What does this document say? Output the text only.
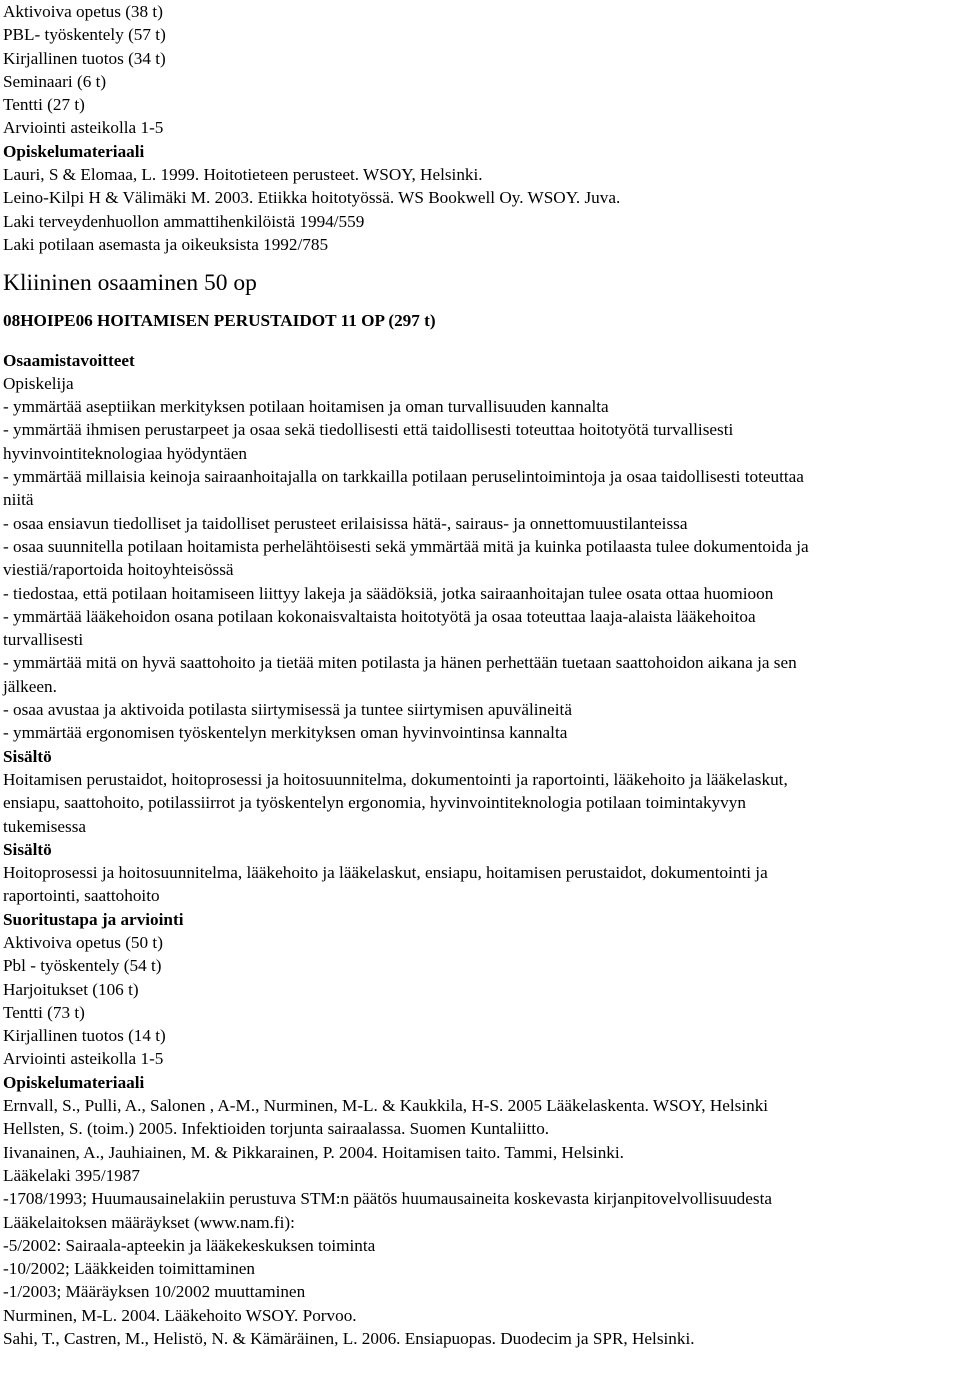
Aktivoiva opetus (38 t)
PBL- työskentely (57 t)
Kirjallinen tuotos (34 t)
Seminaari (6 t)
Tentti (27 t)
Arviointi asteikolla 1-5
Opiskelumateriaali
Lauri, S & Elomaa, L. 1999. Hoitotieteen perusteet. WSOY, Helsinki.
Leino-Kilpi H & Välimäki M. 2003. Etiikka hoitotyössä. WS Bookwell Oy. WSOY. Juva.
Laki terveydenhuollon ammattihenkilöistä 1994/559
Laki potilaan asemasta ja oikeuksista 1992/785
Kliininen osaaminen 50 op
08HOIPE06 HOITAMISEN PERUSTAIDOT 11 OP (297 t)
Osaamistavoitteet
Opiskelija
- ymmärtää aseptiikan merkityksen potilaan hoitamisen ja oman turvallisuuden kannalta
- ymmärtää ihmisen perustarpeet ja osaa sekä tiedollisesti että taidollisesti toteuttaa hoitotyötä turvallisesti
hyvinvointiteknologiaa hyödyntäen
- ymmärtää millaisia keinoja sairaanhoitajalla on tarkkailla potilaan peruselintoimintoja ja osaa taidollisesti toteuttaa
niitä
- osaa ensiavun tiedolliset ja taidolliset perusteet erilaisissa hätä-, sairaus- ja onnettomuustilanteissa
- osaa suunnitella potilaan hoitamista perhelähtöisesti sekä ymmärtää mitä ja kuinka potilaasta tulee dokumentoida ja
viestiä/raportoida hoitoyhteisössä
- tiedostaa, että potilaan hoitamiseen liittyy lakeja ja säädöksiä, jotka sairaanhoitajan tulee osata ottaa huomioon
- ymmärtää lääkehoidon osana potilaan kokonaisvaltaista hoitotyötä ja osaa toteuttaa laaja-alaista lääkehoitoa
turvallisesti
- ymmärtää mitä on hyvä saattohoito ja tietää miten potilasta ja hänen perhettään tuetaan saattohoidon aikana ja sen
jälkeen.
- osaa avustaa ja aktivoida potilasta siirtymisessä ja tuntee siirtymisen apuvälineitä
- ymmärtää ergonomisen työskentelyn merkityksen oman hyvinvointinsa kannalta
Sisältö
Hoitamisen perustaidot, hoitoprosessi ja hoitosuunnitelma, dokumentointi ja raportointi, lääkehoito ja lääkelaskut,
ensiapu, saattohoito, potilassiirrot ja työskentelyn ergonomia, hyvinvointiteknologia potilaan toimintakyvyn
tukemisessa
Sisältö
Hoitoprosessi ja hoitosuunnitelma, lääkehoito ja lääkelaskut, ensiapu, hoitamisen perustaidot, dokumentointi ja
raportointi, saattohoito
Suoritustapa ja arviointi
Aktivoiva opetus (50 t)
Pbl - työskentely (54 t)
Harjoitukset (106 t)
Tentti (73 t)
Kirjallinen tuotos (14 t)
Arviointi asteikolla 1-5
Opiskelumateriaali
Ernvall, S., Pulli, A., Salonen , A-M., Nurminen, M-L. & Kaukkila, H-S. 2005 Lääkelaskenta. WSOY, Helsinki
Hellsten, S. (toim.) 2005. Infektioiden torjunta sairaalassa. Suomen Kuntaliitto.
Iivanainen, A., Jauhiainen, M. & Pikkarainen, P. 2004. Hoitamisen taito. Tammi, Helsinki.
Lääkelaki 395/1987
-1708/1993; Huumausainelakiin perustuva STM:n päätös huumausaineita koskevasta kirjanpitovelvollisuudesta
Lääkelaitoksen määräykset (www.nam.fi):
-5/2002: Sairaala-apteekin ja lääkekeskuksen toiminta
-10/2002; Lääkkeiden toimittaminen
-1/2003; Määräyksen 10/2002 muuttaminen
Nurminen, M-L. 2004. Lääkehoito WSOY. Porvoo.
Sahi, T., Castren, M., Helistö, N. & Kämäräinen, L. 2006. Ensiapuopas. Duodecim ja SPR, Helsinki.
